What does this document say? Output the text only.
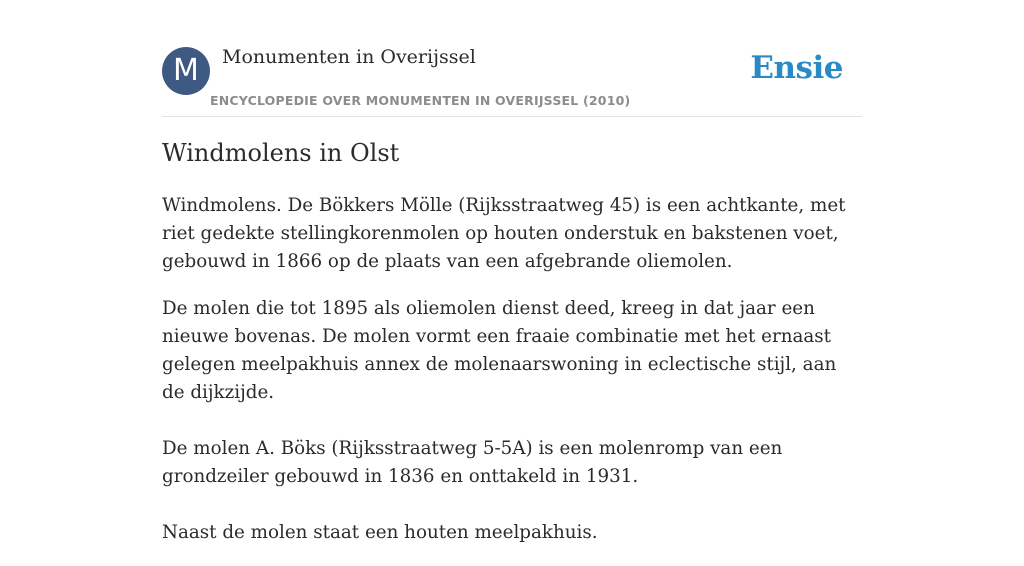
M	Monumenten in Overijssel
ENCYCLOPEDIE OVER MONUMENTEN IN OVERIJSSEL (2010)
Ensie
Windmolens in Olst

Windmolens. De Bökkers Mölle (Rijksstraatweg 45) is een achtkante, met riet gedekte stellingkorenmolen op houten onderstuk en bakstenen voet, gebouwd in 1866 op de plaats van een afgebrande oliemolen.

De molen die tot 1895 als oliemolen dienst deed, kreeg in dat jaar een nieuwe bovenas. De molen vormt een fraaie combinatie met het ernaast gelegen meelpakhuis annex de molenaarswoning in eclectische stijl, aan de dijkzijde.

De molen A. Böks (Rijksstraatweg 5-5A) is een molenromp van een grondzeiler gebouwd in 1836 en onttakeld in 1931.

Naast de molen staat een houten meelpakhuis.
